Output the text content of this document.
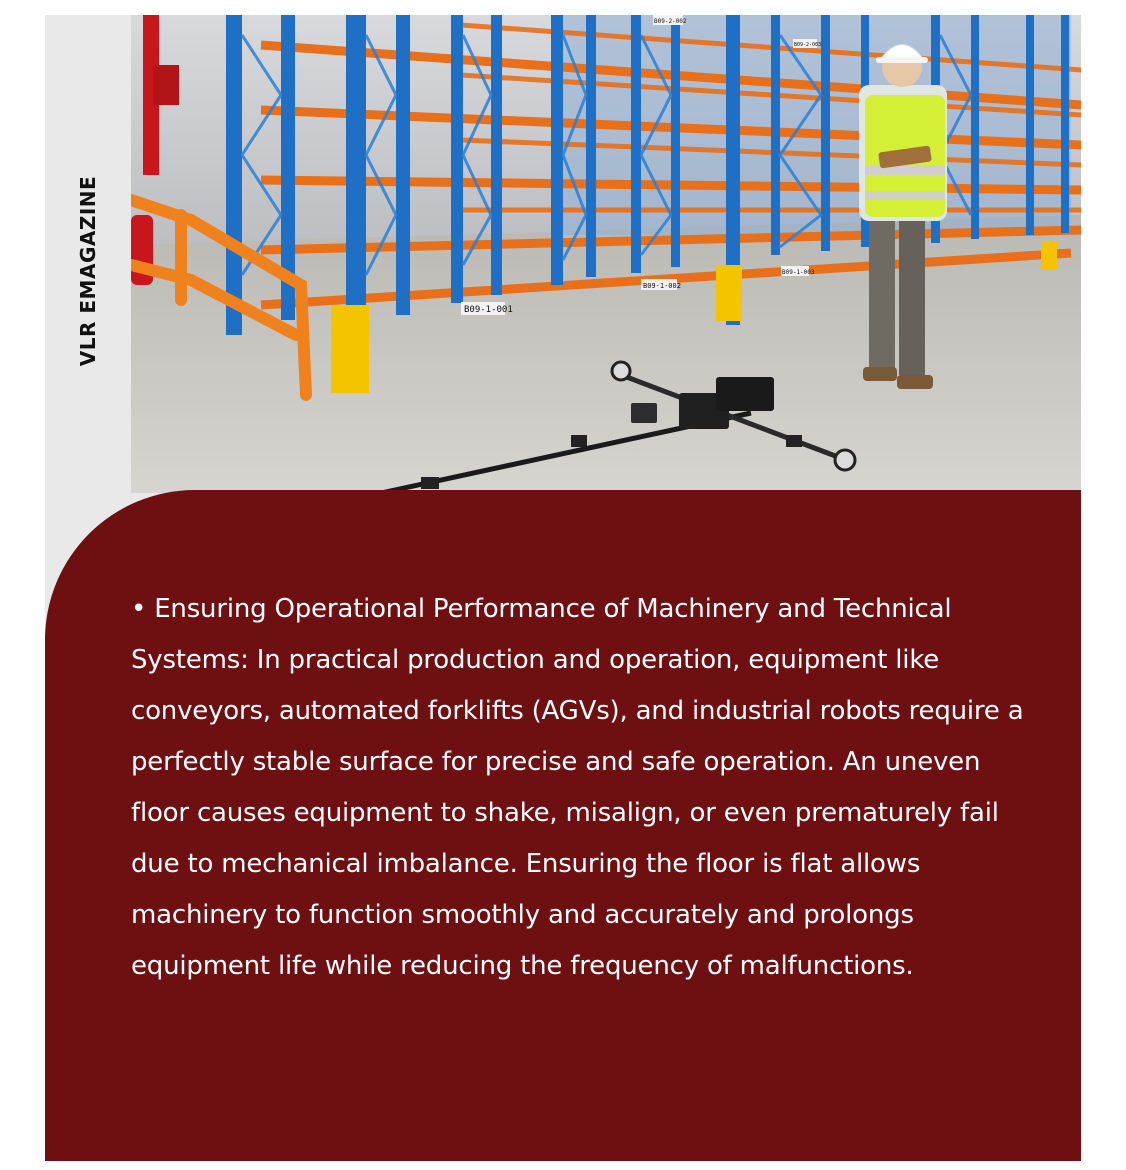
VLR EMAGAZINE	B09-1-001
B09-1-002
B09-1-003
B09-2-002
B09-2-003

• Ensuring Operational Performance of Machinery and Technical Systems: In practical production and operation, equipment like conveyors, automated forklifts (AGVs), and industrial robots require a perfectly stable surface for precise and safe operation. An uneven floor causes equipment to shake, misalign, or even prematurely fail due to mechanical imbalance. Ensuring the floor is flat allows machinery to function smoothly and accurately and prolongs equipment life while reducing the frequency of malfunctions.
